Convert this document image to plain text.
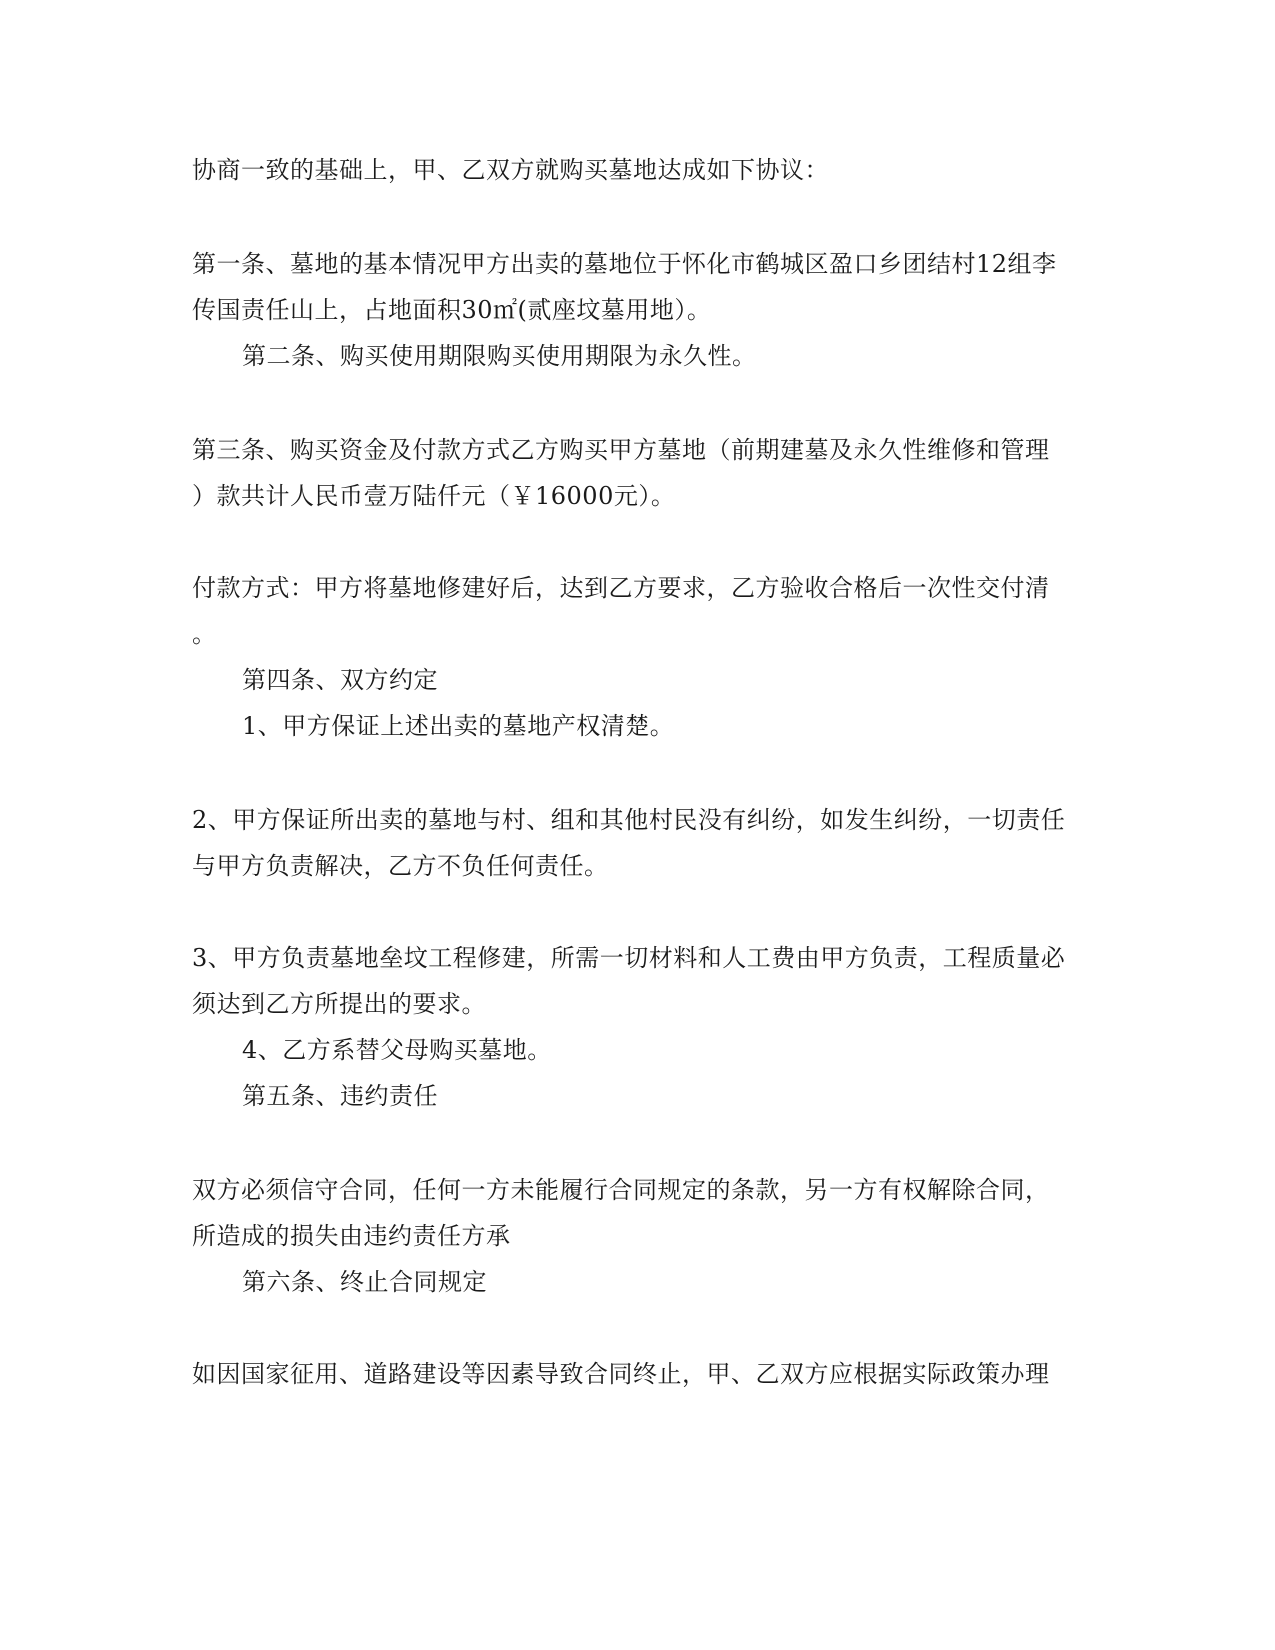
协商一致的基础上，甲、乙双方就购买墓地达成如下协议：
第一条、墓地的基本情况甲方出卖的墓地位于怀化市鹤城区盈口乡团结村12组李
传国责任山上，占地面积30㎡(贰座坟墓用地）。
第二条、购买使用期限购买使用期限为永久性。
第三条、购买资金及付款方式乙方购买甲方墓地（前期建墓及永久性维修和管理
）款共计人民币壹万陆仟元（￥16000元）。
付款方式：甲方将墓地修建好后，达到乙方要求，乙方验收合格后一次性交付清
。
第四条、双方约定
1、甲方保证上述出卖的墓地产权清楚。
2、甲方保证所出卖的墓地与村、组和其他村民没有纠纷，如发生纠纷，一切责任
与甲方负责解决，乙方不负任何责任。
3、甲方负责墓地垒坟工程修建，所需一切材料和人工费由甲方负责，工程质量必
须达到乙方所提出的要求。
4、乙方系替父母购买墓地。
第五条、违约责任
双方必须信守合同，任何一方未能履行合同规定的条款，另一方有权解除合同，
所造成的损失由违约责任方承
第六条、终止合同规定
如因国家征用、道路建设等因素导致合同终止，甲、乙双方应根据实际政策办理
